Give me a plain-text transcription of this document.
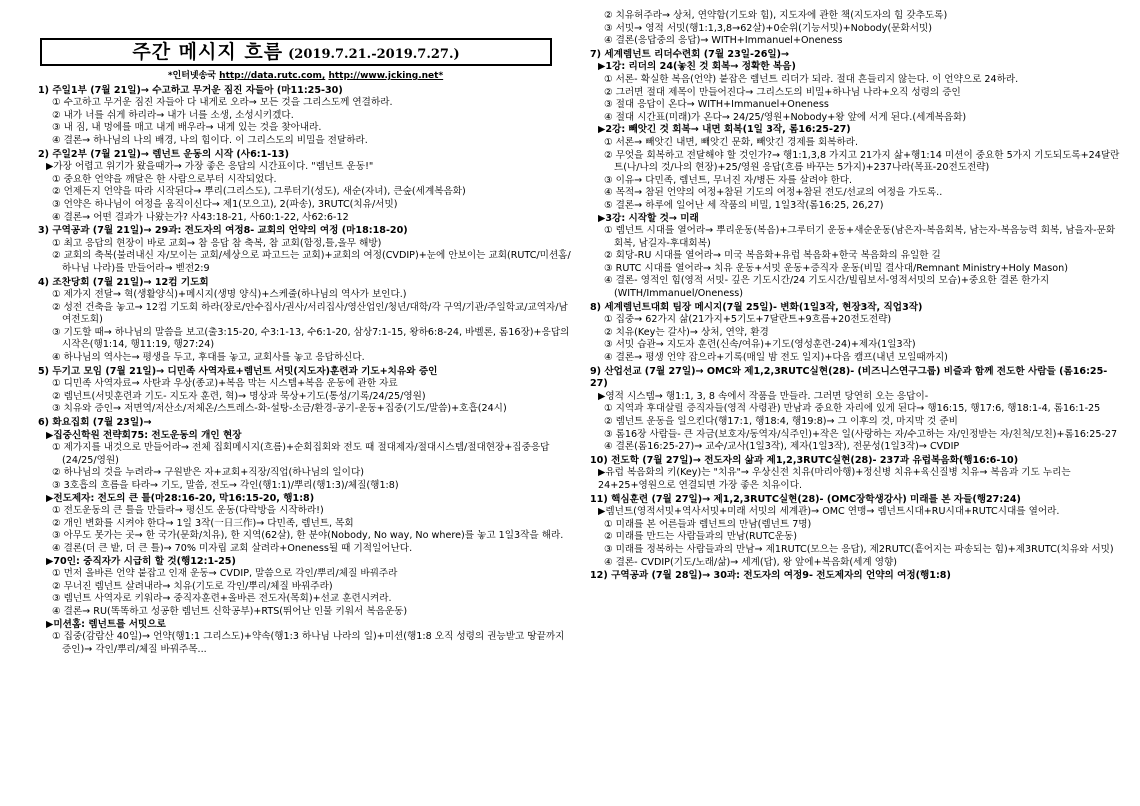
주간 메시지 흐름 (2019.7.21.-2019.7.27.)
*인터넷송국 http://data.rutc.com, http://www.jcking.net*
1) 주일1부 (7월 21일)→ 수고하고 무거운 짐진 자들아 (마11:25-30)
① 수고하고 무거운 짐진 자들아 다 내게로 오라→ 모든 것을 그리스도께 연결하라.
② 내가 너를 쉬게 하리라→ 내가 너를 소생, 소성시키겠다.
③ 내 짐, 내 멍에를 매고 내게 배우라→ 내게 있는 것을 찾아내라.
④ 결론→ 하나님의 나의 배경, 나의 힘이다. 이 그리스도의 비밀을 전달하라.
2) 주일2부 (7월 21일)→ 렘넌트 운동의 시작 (사6:1-13)
▶가장 어렵고 위기가 왔을때가→ 가장 좋은 응답의 시간표이다. "렘넌트 운동!"
① 중요한 언약을 깨달은 한 사람으로부터 시작되었다.
② 언제든지 언약을 따라 시작된다→ 뿌리(그리스도), 그루터기(성도), 새순(자녀), 큰숲(세계복음화)
③ 언약은 하나님이 여정을 움직이신다→ 제1(모으고), 2(파송), 3RUTC(치유/서밋)
④ 결론→ 어떤 결과가 나왔는가? 사43:18-21, 사60:1-22, 사62:6-12
3) 구역공과 (7월 21일)→ 29과: 전도자의 여정8- 교회의 언약의 여정 (마18:18-20)
① 최고 응답의 현장이 바로 교회→ 참 응답 참 축복, 참 교회(함정,틀,올무 해방)
② 교회의 축복(불려내신 자/모이는 교회/세상으로 파고드는 교회)+교회의 여정(CVDIP)+눈에 안보이는 교회(RUTC/미션홈/하나님 나라)를 만들어라→ 벧전2:9
4) 조찬당회 (7월 21일)→ 12컴 기도회
① 제가지 전달→ 혁(생활양식)+메시지(생명 양식)+스케줄(하나님의 역사가 보인다.)
② 성전 건축을 놓고→ 12컴 기도회 하라(장로/안수집사/권사/서리집사/영산업인/청년/대학/각 구역/기관/주일학교/교역자/남여전도회)
③ 기도할 때→ 하나님의 말씀을 보고(출3:15-20, 수3:1-13, 수6:1-20, 삼상7:1-15, 왕하6:8-24, 바벨론, 롬16장)+응답의 시작은(행1:14, 행11:19, 행27:24)
④ 하나님의 역사는→ 평생을 두고, 후대를 놓고, 교회사를 놓고 응답하신다.
5) 두기고 모임 (7월 21일)→ 디민족 사역자료+렘넌트 서밋(지도자)훈련과 기도+치유와 증인
① 디민족 사역자료→ 사탄과 우상(종교)+복음 막는 시스템+복음 운동에 관한 자료
② 렘넌트(서밋훈련과 기도- 지도자 훈련, 혁)→ 명상과 묵상+기도(통성/기록/24/25/영원)
③ 치유와 증인→ 저면역/저산소/저체온/스트레스-화-설탕-소금/환경-공기-운동+집중(기도/말씀)+호흡(24시)
6) 화요집회 (7월 23일)→
▶집중신학원 전략회75: 전도운동의 개인 현장
① 제가지를 내것으로 만들어라→ 전체 집회메시지(흐름)+순회집회와 전도 때 절대제자/절대시스템/절대현장+집중응답(24/25/영원)
② 하나님의 것을 누려라→ 구원받은 자+교회+직장/직업(하나님의 일이다)
③ 3호흡의 흐름을 타라→ 기도, 말씀, 전도→ 각인(행1:1)/뿌리(행1:3)/체질(행1:8)
▶전도제자: 전도의 큰 틀(마28:16-20, 막16:15-20, 행1:8)
① 전도운동의 큰 틀을 만들라→ 평신도 운동(다락방을 시작하라!)
② 개인 변화를 시켜야 한다→ 1일 3작(一日三作)→ 다민족, 렘넌트, 목회
③ 아무도 못가는 곳→ 한 국가(문화/치유), 한 지역(62살), 한 분야(Nobody, No way, No where)를 놓고 1일3작을 해라.
④ 결론(더 큰 밭, 더 큰 틀)→ 70% 미자립 교회 살려라+Oneness될 때 기적일어난다.
▶70인: 중직자가 시급히 할 것(행12:1-25)
① 먼저 올바른 언약 붙잡고 인재 운동→ CVDIP, 말씀으로 각인/뿌리/체질 바꿔주라
② 무너진 렘넌트 살려내라→ 치유(기도로 각인/뿌리/체질 바꿔주라)
③ 렘넌트 사역자로 키워라→ 중직자훈련+올바른 전도자(목회)+선교 훈련시켜라.
④ 결론→ RU(똑똑하고 성공한 렘넌트 신학공부)+RTS(뛰어난 인물 키워서 복음운동)
▶미션홈: 렘넌트를 서밋으로
① 집중(감람산 40일)→ 언약(행1:1 그리스도)+약속(행1:3 하나님 나라의 일)+미션(행1:8 오직 성령의 권능받고 땅끝까지 증인)→ 각인/뿌리/체질 바꿔주목...
② 치유허주라→ 상처, 연약함(기도와 힘), 지도자에 관한 책(지도자의 힘 갖추도록)
③ 서밋→ 영적 서밋(행1:1,3,8→62살)+0순위(기능서밋)+Nobody(문화서밋)
④ 결론(응답중의 응답)→ WITH+Immanuel+Oneness
7) 세계렘넌트 리더수련회 (7월 23일-26일)→
▶1강: 리더의 24(놓친 것 회복→ 정확한 복음)
① 서론- 확실한 복음(언약) 붙잡은 렘넌트 리더가 되라. 절대 흔들리지 않는다. 이 언약으로 24하라.
② 그러면 절대 제목이 만들어진다→ 그리스도의 비밀+하나님 나라+오직 성령의 증인
③ 절대 응답이 온다→ WITH+Immanuel+Oneness
④ 절대 시간표(미래)가 온다→ 24/25/영원+Nobody+왕 앞에 서게 된다.(세계복음화)
▶2강: 빼앗긴 것 회복→ 내면 회복(1일 3작, 롬16:25-27)
① 서론→ 빼앗긴 내면, 빼앗긴 문화, 빼앗긴 경제를 회복하라.
② 무엇을 회복하고 전달해야 할 것인가?→ 행1:1,3,8 가지고 21가지 삶+행1:14 미션이 중요한 5가지 기도되도록+24달란트(나/나의 것/나의 현장)+25/영원 응답(흐름 바꾸는 5가지)+237나라(목표-20전도전략)
③ 이유→ 다민족, 렘넌트, 무너진 자/병든 자를 살려야 한다.
④ 목적→ 참된 언약의 여정+참된 기도의 여정+참된 전도/선교의 여정을 가도록..
⑤ 결론→ 하루에 일어난 세 작품의 비밀, 1일3작(롬16:25, 26,27)
▶3강: 시작할 것→ 미래
① 렘넌트 시대를 열어라→ 뿌리운동(복음)+그루터기 운동+새순운동(남은자-복음회복, 남는자-복음능력 회복, 남을자-문화회복, 남길자-후대회복)
② 회당-RU 시대를 열어라→ 미국 복음화+유럽 복음화+한국 복음화의 유일한 길
③ RUTC 시대를 열어라→ 치유 운동+서밋 운동+증직자 운동(비밀 결사대/Remnant Ministry+Holy Mason)
④ 결론- 영적인 힘(영적 서밋- 깊은 기도시간/24 기도시간/빌립보서-영적서밋의 모습)+중요한 결론 한가지(WITH/Immanuel/Oneness)
8) 세계렘넌트대회 팀장 메시지(7월 25일)- 변화(1일3작, 현장3작, 직업3작)
① 집중→ 62가지 삶(21가지+5기도+7달란트+9흐름+20전도전략)
② 치유(Key는 갈사)→ 상처, 연약, 환경
③ 서밋 습관→ 지도자 훈련(신속/여유)+기도(영성훈련-24)+제자(1일3작)
④ 결론→ 평생 언약 잡으라+기록(매일 밤 전도 일지)+다음 캠프(내년 모일때까지)
9) 산업선교 (7월 27일)→ OMC와 제1,2,3RUTC실현(28)- (비즈니스연구그룹) 비즐과 함께 전도한 사람들 (롬16:25-27)
▶영적 시스템→ 행1:1, 3, 8 속에서 작품을 만들라. 그러면 당연히 오는 응답이-
① 지역과 후대살릴 증직자들(영적 사령관) 만남과 중요한 자리에 있게 된다→ 행16:15, 행17:6, 행18:1-4, 롬16:1-25
② 렘넌트 운동을 일으킨다(행17:1, 행18:4, 행19:8)→ 그 이후의 것, 마지막 것 준비
③ 롬16장 사람들- 큰 자금(보호자/동역자/식주인)+작은 일(사랑하는 자/수고하는 자/인정받는 자/친척/모친)+롬16:25-27
④ 결론(롬16:25-27)→ 교수/교사(1일3작), 제자(1일3작), 전문성(1일3작)→ CVDIP
10) 전도학 (7월 27일)→ 전도자의 삶과 제1,2,3RUTC실현(28)- 237과 유럽복음화(행16:6-10)
▶유럽 복음화의 키(Key)는 "치유"→ 우상신전 치유(마리아행)+정신병 치유+육신질병 치유→ 복음과 기도 누리는 24+25+영원으로 연결되면 가장 좋은 치유이다.
11) 핵심훈련 (7월 27일)→ 제1,2,3RUTC실현(28)- (OMC장학생강사) 미래를 본 자들(행27:24)
▶렘넌트(영적서밋+역사서밋+미래 서밋의 세계관)→ OMC 연맹→ 렘넌트시대+RU시대+RUTC시대를 열어라.
① 미래를 본 어른들과 렘넌트의 만남(렘넌트 7명)
② 미래를 만드는 사람들과의 만남(RUTC운동)
③ 미래를 정복하는 사람들과의 만남→ 제1RUTC(모으는 응답), 제2RUTC(흩어지는 파송되는 힘)+제3RUTC(치유와 서밋)
④ 결론- CVDIP(기도/노래/삶)→ 세계(답), 왕 앞에+복음화(세계 영향)
12) 구역공과 (7월 28일)→ 30과: 전도자의 여정9- 전도제자의 언약의 여정(행1:8)
